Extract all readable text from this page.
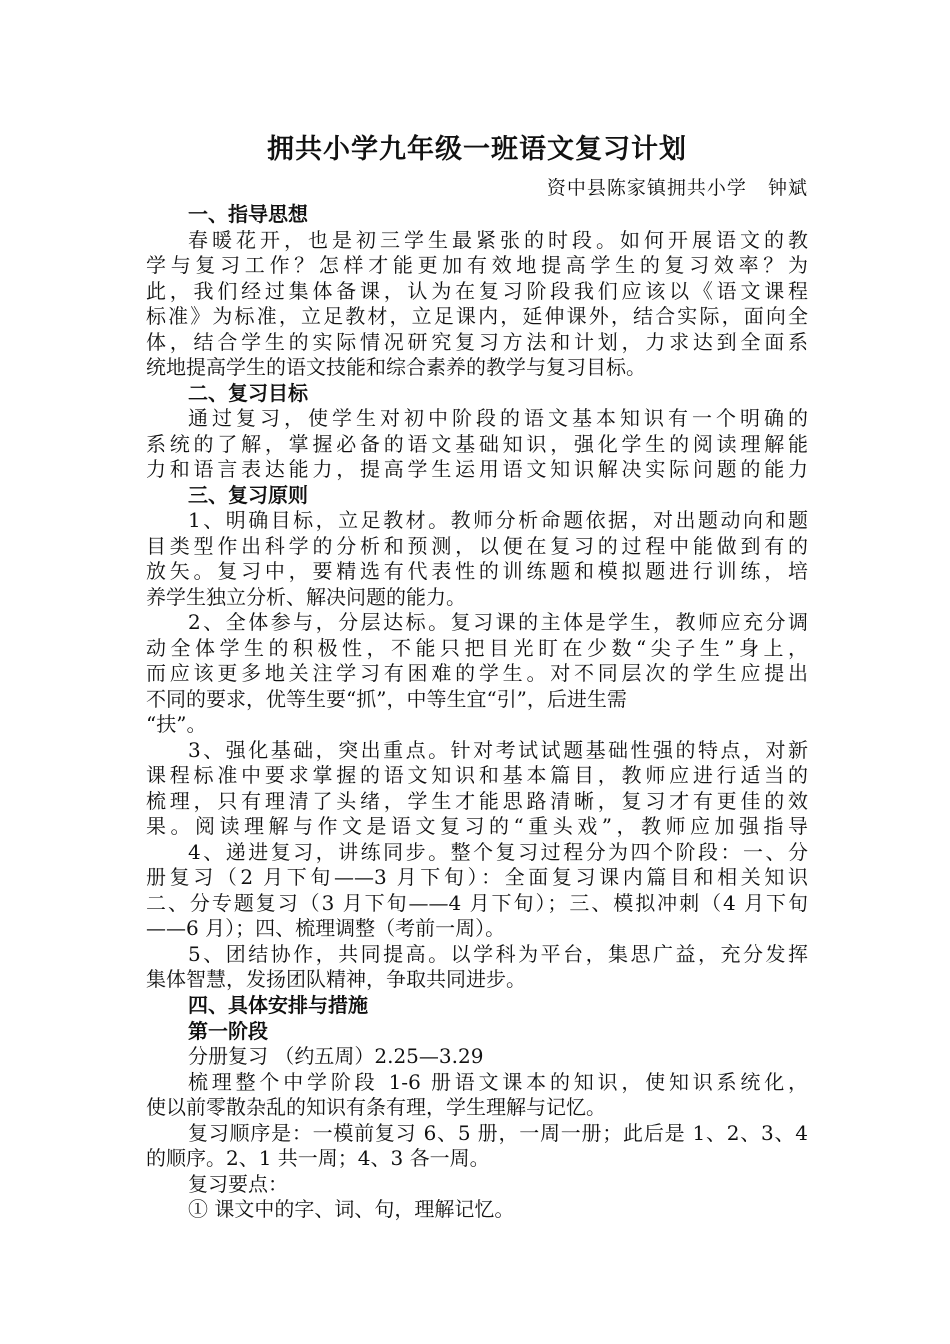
拥共小学九年级一班语文复习计划

资中县陈家镇拥共小学   钟斌

一、指导思想

春暖花开，也是初三学生最紧张的时段。如何开展语文的教

学与复习工作？怎样才能更加有效地提高学生的复习效率？为

此，我们经过集体备课，认为在复习阶段我们应该以《语文课程

标准》为标准，立足教材，立足课内，延伸课外，结合实际，面向全

体，结合学生的实际情况研究复习方法和计划，力求达到全面系

统地提高学生的语文技能和综合素养的教学与复习目标。

二、复习目标

通过复习，使学生对初中阶段的语文基本知识有一个明确的

系统的了解，掌握必备的语文基础知识，强化学生的阅读理解能

力和语言表达能力，提高学生运用语文知识解决实际问题的能力

三、复习原则

1、明确目标，立足教材。教师分析命题依据，对出题动向和题

目类型作出科学的分析和预测，以便在复习的过程中能做到有的

放矢。复习中，要精选有代表性的训练题和模拟题进行训练，培

养学生独立分析、解决问题的能力。

2、全体参与，分层达标。复习课的主体是学生，教师应充分调

动全体学生的积极性，不能只把目光盯在少数“尖子生”身上，

而应该更多地关注学习有困难的学生。对不同层次的学生应提出

不同的要求，优等生要“抓”，中等生宜“引”，后进生需

“扶”。

3、强化基础，突出重点。针对考试试题基础性强的特点，对新

课程标准中要求掌握的语文知识和基本篇目，教师应进行适当的

梳理，只有理清了头绪，学生才能思路清晰，复习才有更佳的效

果。阅读理解与作文是语文复习的“重头戏”，教师应加强指导

4、递进复习，讲练同步。整个复习过程分为四个阶段：一、分

册复习（2 月下旬——3 月下旬）：全面复习课内篇目和相关知识

二、分专题复习（3 月下旬——4 月下旬）；三、模拟冲刺（4 月下旬

——6 月）；四、梳理调整（考前一周）。

5、团结协作，共同提高。以学科为平台，集思广益，充分发挥

集体智慧，发扬团队精神，争取共同进步。

四、具体安排与措施

第一阶段

分册复习 （约五周）2.25—3.29

梳理整个中学阶段 1-6 册语文课本的知识，使知识系统化，

使以前零散杂乱的知识有条有理，学生理解与记忆。

复习顺序是：一模前复习 6、5 册，一周一册；此后是 1、2、3、4

的顺序。2、1 共一周；4、3 各一周。

复习要点：

① 课文中的字、词、句，理解记忆。
